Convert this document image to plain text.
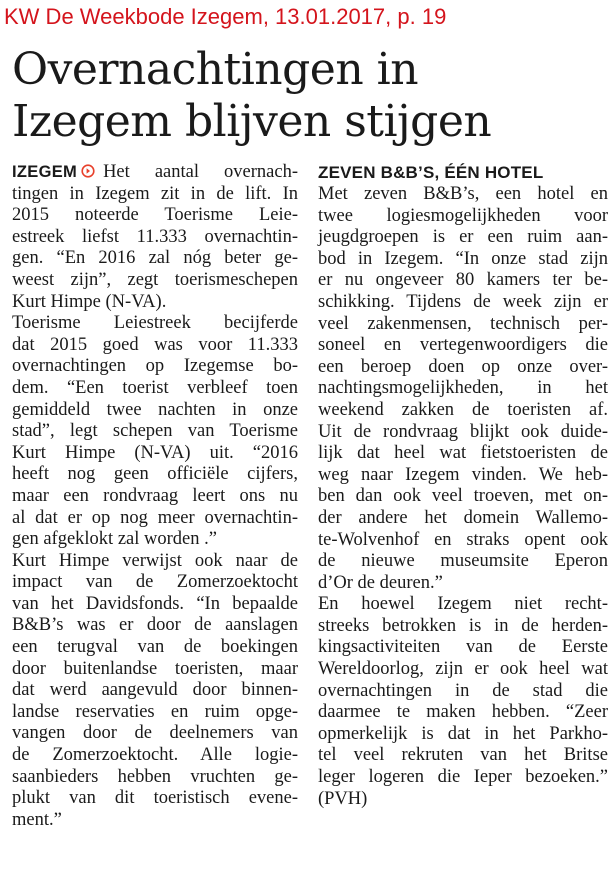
KW De Weekbode Izegem, 13.01.2017, p. 19
Overnachtingen in
Izegem blijven stijgen
IZEGEM Het aantal overnach-
tingen in Izegem zit in de lift. In
2015 noteerde Toerisme Leie-
estreek liefst 11.333 overnachtin-
gen. “En 2016 zal nóg beter ge-
weest zijn”, zegt toerismeschepen
Kurt Himpe (N-VA).
Toerisme Leiestreek becijferde
dat 2015 goed was voor 11.333
overnachtingen op Izegemse bo-
dem. “Een toerist verbleef toen
gemiddeld twee nachten in onze
stad”, legt schepen van Toerisme
Kurt Himpe (N-VA) uit. “2016
heeft nog geen officiële cijfers,
maar een rondvraag leert ons nu
al dat er op nog meer overnachtin-
gen afgeklokt zal worden .”
Kurt Himpe verwijst ook naar de
impact van de Zomerzoektocht
van het Davidsfonds. “In bepaalde
B&B’s was er door de aanslagen
een terugval van de boekingen
door buitenlandse toeristen, maar
dat werd aangevuld door binnen-
landse reservaties en ruim opge-
vangen door de deelnemers van
de Zomerzoektocht. Alle logie-
saanbieders hebben vruchten ge-
plukt van dit toeristisch evene-
ment.”
ZEVEN B&B’S, ÉÉN HOTEL
Met zeven B&B’s, een hotel en
twee logiesmogelijkheden voor
jeugdgroepen is er een ruim aan-
bod in Izegem. “In onze stad zijn
er nu ongeveer 80 kamers ter be-
schikking. Tijdens de week zijn er
veel zakenmensen, technisch per-
soneel en vertegenwoordigers die
een beroep doen op onze over-
nachtingsmogelijkheden, in het
weekend zakken de toeristen af.
Uit de rondvraag blijkt ook duide-
lijk dat heel wat fietstoeristen de
weg naar Izegem vinden. We heb-
ben dan ook veel troeven, met on-
der andere het domein Wallemo-
te-Wolvenhof en straks opent ook
de nieuwe museumsite Eperon
d’Or de deuren.”
En hoewel Izegem niet recht-
streeks betrokken is in de herden-
kingsactiviteiten van de Eerste
Wereldoorlog, zijn er ook heel wat
overnachtingen in de stad die
daarmee te maken hebben. “Zeer
opmerkelijk is dat in het Parkho-
tel veel rekruten van het Britse
leger logeren die Ieper bezoeken.”
(PVH)
